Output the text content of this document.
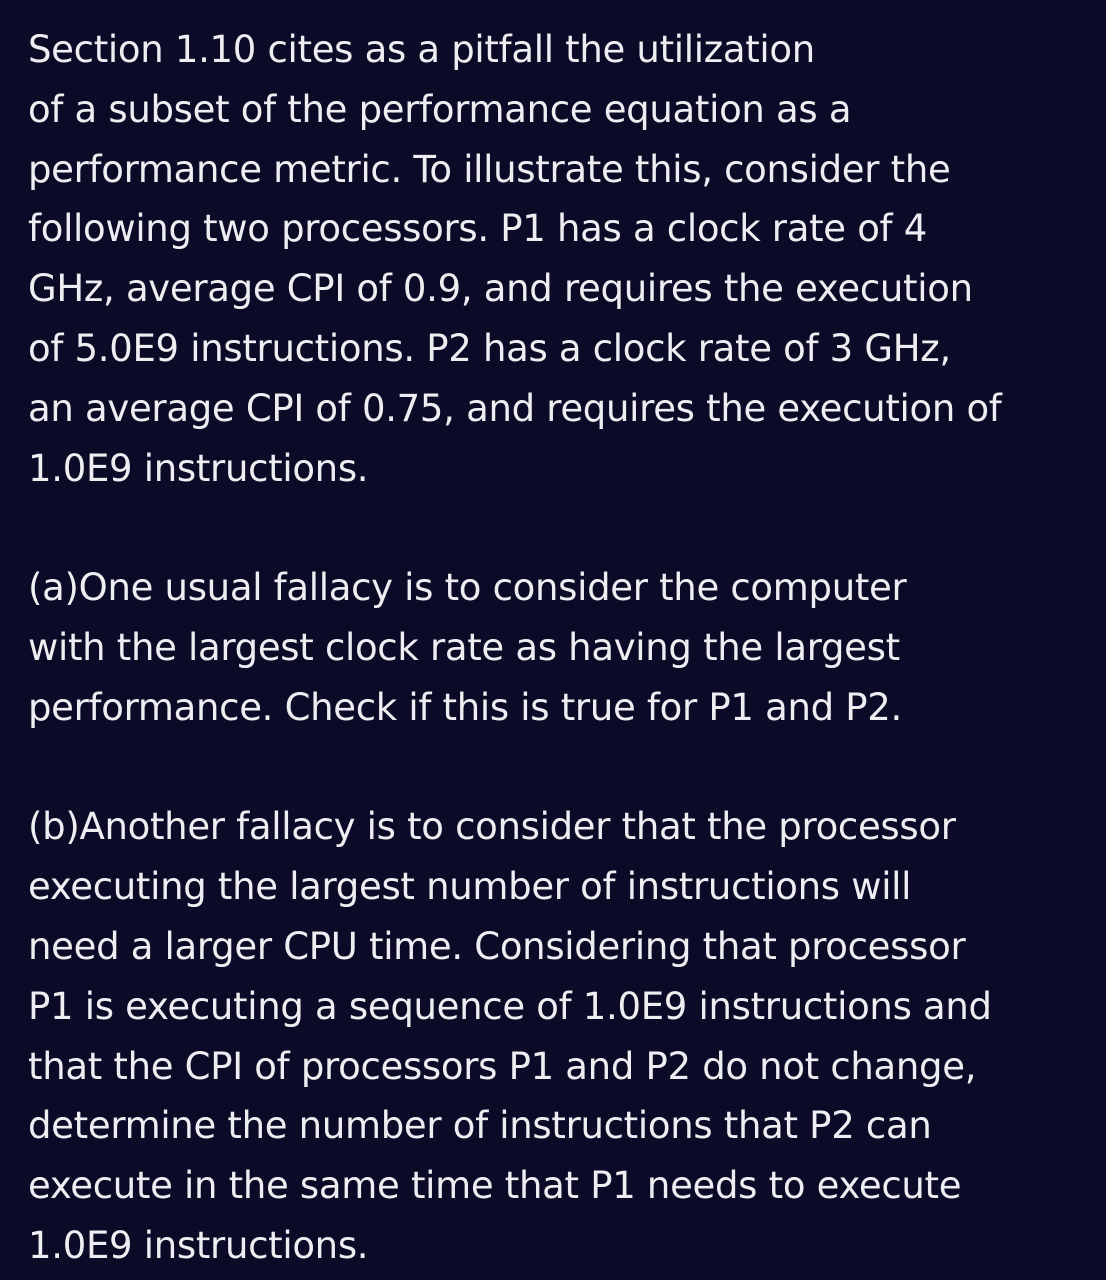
Section 1.10 cites as a pitfall the utilization
of a subset of the performance equation as a
performance metric. To illustrate this, consider the
following two processors. P1 has a clock rate of 4
GHz, average CPI of 0.9, and requires the execution
of 5.0E9 instructions. P2 has a clock rate of 3 GHz,
an average CPI of 0.75, and requires the execution of
1.0E9 instructions.

(a)One usual fallacy is to consider the computer
with the largest clock rate as having the largest
performance. Check if this is true for P1 and P2.

(b)Another fallacy is to consider that the processor
executing the largest number of instructions will
need a larger CPU time. Considering that processor
P1 is executing a sequence of 1.0E9 instructions and
that the CPI of processors P1 and P2 do not change,
determine the number of instructions that P2 can
execute in the same time that P1 needs to execute
1.0E9 instructions.
